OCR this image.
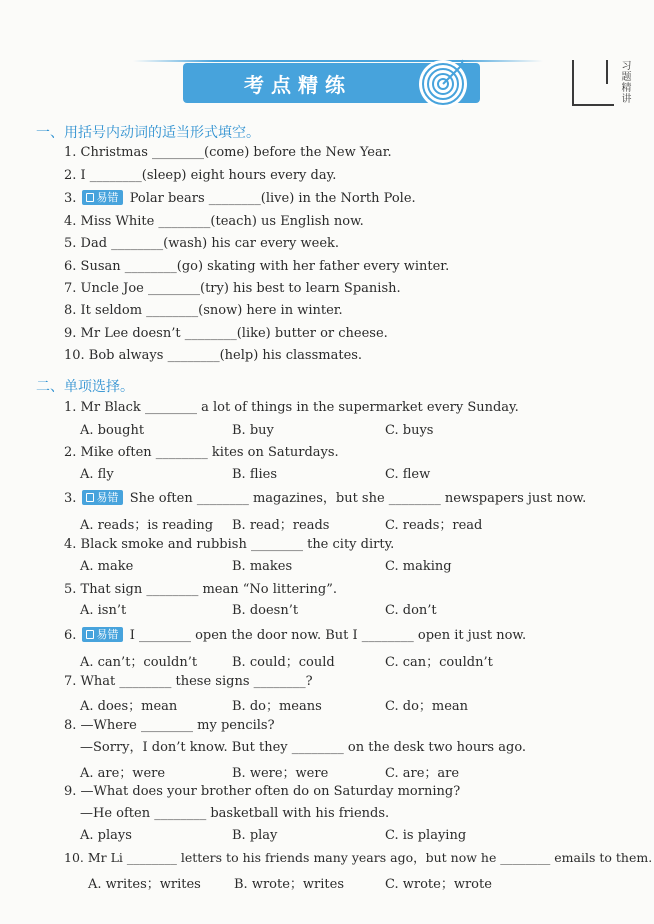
考点精练	习题精讲
一、用括号内动词的适当形式填空。
1. Christmas ________(come) before the New Year.
2. I ________(sleep) eight hours every day.
3. 易错 Polar bears ________(live) in the North Pole.
4. Miss White ________(teach) us English now.
5. Dad ________(wash) his car every week.
6. Susan ________(go) skating with her father every winter.
7. Uncle Joe ________(try) his best to learn Spanish.
8. It seldom ________(snow) here in winter.
9. Mr Lee doesn’t ________(like) butter or cheese.
10. Bob always ________(help) his classmates.
二、单项选择。
1. Mr Black ________ a lot of things in the supermarket every Sunday.
A. bought	B. buy	C. buys
2. Mike often ________ kites on Saturdays.
A. fly	B. flies	C. flew
3. 易错 She often ________ magazines，but she ________ newspapers just now.
A. reads；is reading B. read；reads	C. reads；read
4. Black smoke and rubbish ________ the city dirty.
A. make	B. makes	C. making
5. That sign ________ mean “No littering”.
A. isn’t	B. doesn’t	C. don’t
6. 易错 I ________ open the door now. But I ________ open it just now.
A. can’t；couldn’t	B. could；could	C. can；couldn’t
7. What ________ these signs ________?
A. does；mean	B. do；means	C. do；mean
8. —Where ________ my pencils?
—Sorry，I don’t know. But they ________ on the desk two hours ago.
A. are；were	B. were；were	C. are；are
9. —What does your brother often do on Saturday morning?
—He often ________ basketball with his friends.
A. plays	B. play	C. is playing
10. Mr Li ________ letters to his friends many years ago，but now he ________ emails to them.
A. writes；writes	B. wrote；writes	C. wrote；wrote
